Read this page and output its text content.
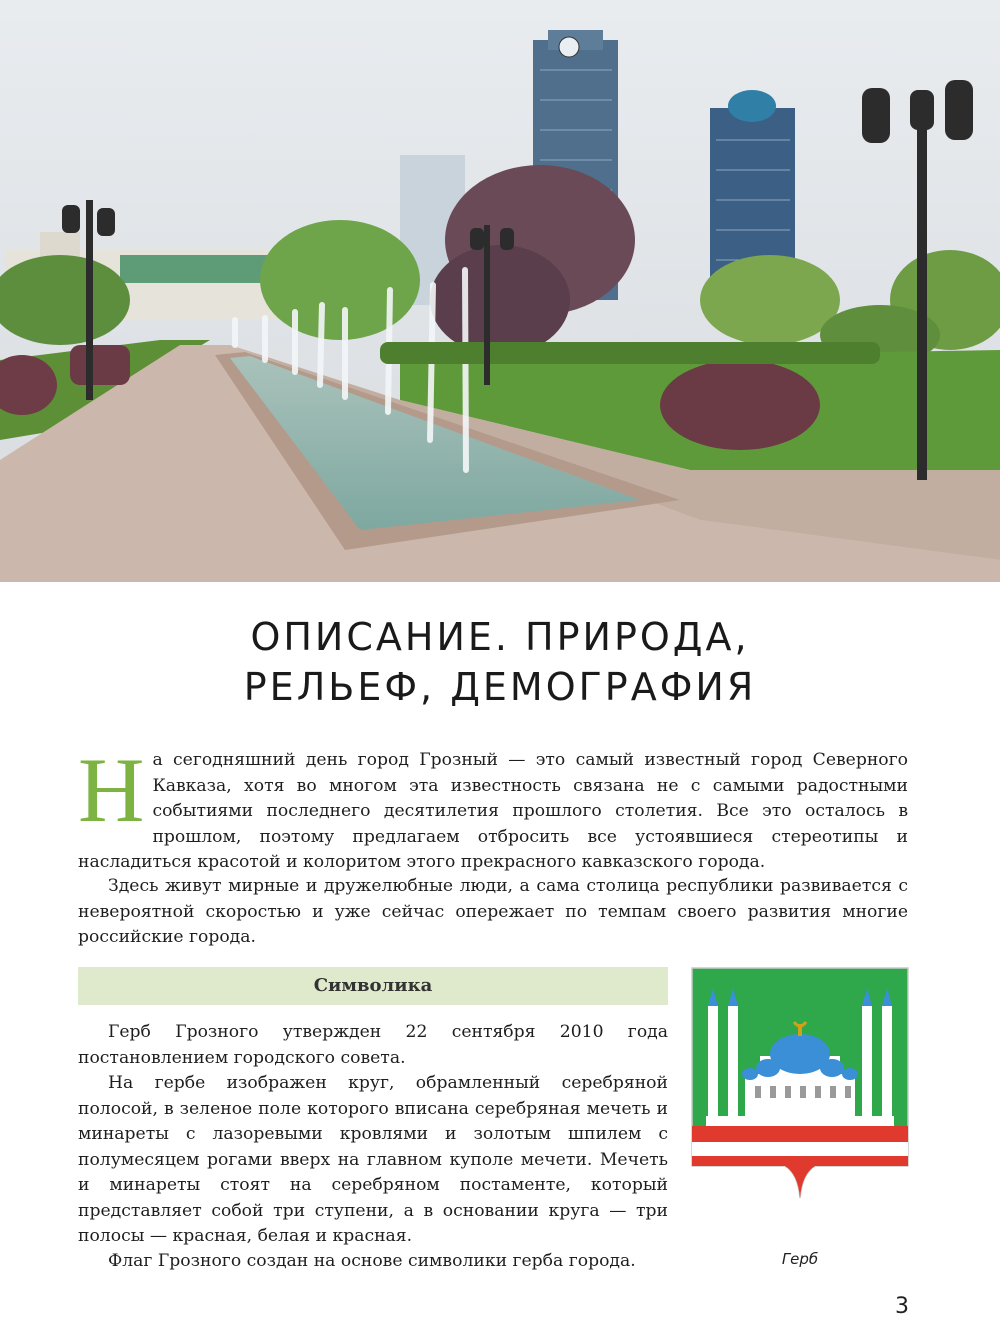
ОПИСАНИЕ. ПРИРОДА,
РЕЛЬЕФ, ДЕМОГРАФИЯ

На сегодняшний день город Грозный — это самый известный город Северного Кавказа, хотя во многом эта известность связана не с самыми радостными событиями последнего десятилетия прошлого столетия. Все это осталось в прошлом, поэтому предлагаем отбросить все устоявшиеся стереотипы и насладиться красотой и колоритом этого прекрасного кавказского города.

Здесь живут мирные и дружелюбные люди, а сама столица республики развивается с невероятной скоростью и уже сейчас опережает по темпам своего развития многие российские города.

Символика

Герб Грозного утвержден 22 сентября 2010 года постановлением городского совета.

На гербе изображен круг, обрамленный серебряной полосой, в зеленое поле которого вписана серебряная мечеть и минареты с лазоревыми кровлями и золотым шпилем с полумесяцем рогами вверх на главном куполе мечети. Мечеть и минареты стоят на серебряном постаменте, который представляет собой три ступени, а в основании круга — три полосы — красная, белая и красная.

Флаг Грозного создан на основе символики герба города.	Герб
3
